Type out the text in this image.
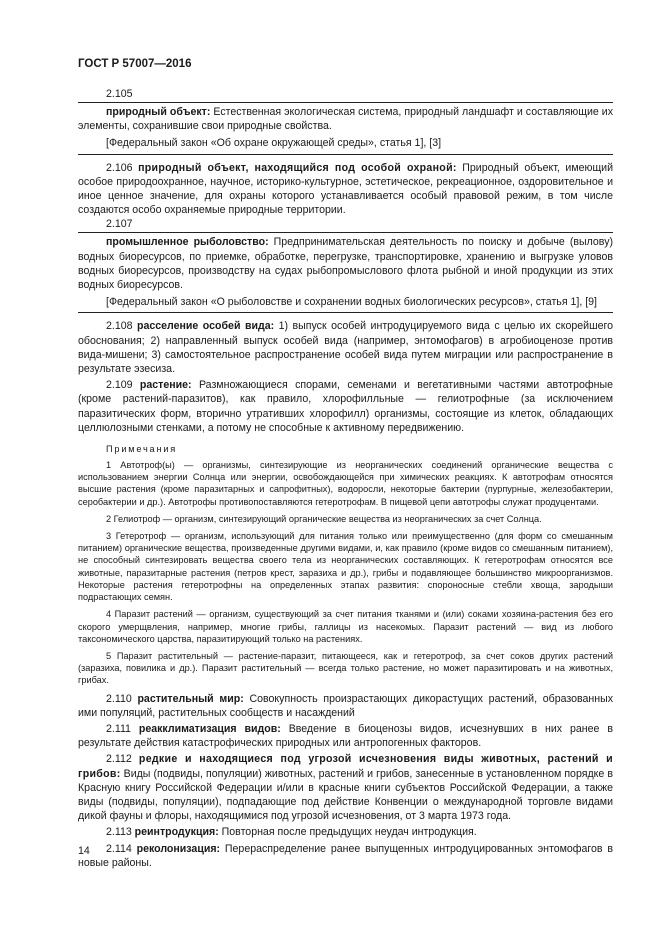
ГОСТ Р 57007—2016
2.105

природный объект: Естественная экологическая система, природный ландшафт и составляющие их элементы, сохранившие свои природные свойства.

[Федеральный закон «Об охране окружающей среды», статья 1], [3]

2.106 природный объект, находящийся под особой охраной: Природный объект, имеющий особое природоохранное, научное, историко-культурное, эстетическое, рекреационное, оздоровительное и иное ценное значение, для охраны которого устанавливается особый правовой режим, в том числе создаются особо охраняемые природные территории.

2.107

промышленное рыболовство: Предпринимательская деятельность по поиску и добыче (вылову) водных биоресурсов, по приемке, обработке, перегрузке, транспортировке, хранению и выгрузке уловов водных биоресурсов, производству на судах рыбопромыслового флота рыбной и иной продукции из этих водных биоресурсов.

[Федеральный закон «О рыболовстве и сохранении водных биологических ресурсов», статья 1], [9]

2.108 расселение особей вида: 1) выпуск особей интродуцируемого вида с целью их скорейшего обоснования; 2) направленный выпуск особей вида (например, энтомофагов) в агробиоценозе против вида-мишени; 3) самостоятельное распространение особей вида путем миграции или распространение в результате эзесиза.

2.109 растение: Размножающиеся спорами, семенами и вегетативными частями автотрофные (кроме растений-паразитов), как правило, хлорофилльные — гелиотрофные (за исключением паразитических форм, вторично утративших хлорофилл) организмы, состоящие из клеток, обладающих целлюлозными стенками, а потому не способные к активному передвижению.

Примечания

1 Автотроф(ы) — организмы, синтезирующие из неорганических соединений органические вещества с использованием энергии Солнца или энергии, освобождающейся при химических реакциях. К автотрофам относятся высшие растения (кроме паразитарных и сапрофитных), водоросли, некоторые бактерии (пурпурные, железобактерии, серобактерии и др.). Автотрофы противопоставляются гетеротрофам. В пищевой цепи автотрофы служат продуцентами.

2 Гелиотроф — организм, синтезирующий органические вещества из неорганических за счет Солнца.

3 Гетеротроф — организм, использующий для питания только или преимущественно (для форм со смешанным питанием) органические вещества, произведенные другими видами, и, как правило (кроме видов со смешанным питанием), не способный синтезировать вещества своего тела из неорганических составляющих. К гетеротрофам относятся все животные, паразитарные растения (петров крест, заразиха и др.), грибы и подавляющее большинство микроорганизмов. Некоторые растения гетеротрофны на определенных этапах развития: спороносные стебли хвоща, зародыши подрастающих семян.

4 Паразит растений — организм, существующий за счет питания тканями и (или) соками хозяина-растения без его скорого умерщвления, например, многие грибы, галлицы из насекомых. Паразит растений — вид из любого таксономического царства, паразитирующий только на растениях.

5 Паразит растительный — растение-паразит, питающееся, как и гетеротроф, за счет соков других растений (заразиха, повилика и др.). Паразит растительный — всегда только растение, но может паразитировать и на животных, грибах.

2.110 растительный мир: Совокупность произрастающих дикорастущих растений, образованных ими популяций, растительных сообществ и насаждений

2.111 реакклиматизация видов: Введение в биоценозы видов, исчезнувших в них ранее в результате действия катастрофических природных или антропогенных факторов.

2.112 редкие и находящиеся под угрозой исчезновения виды животных, растений и грибов: Виды (подвиды, популяции) животных, растений и грибов, занесенные в установленном порядке в Красную книгу Российской Федерации и/или в красные книги субъектов Российской Федерации, а также виды (подвиды, популяции), подпадающие под действие Конвенции о международной торговле видами дикой фауны и флоры, находящимися под угрозой исчезновения, от 3 марта 1973 года.

2.113 реинтродукция: Повторная после предыдущих неудач интродукция.

2.114 реколонизация: Перераспределение ранее выпущенных интродуцированных энтомофагов в новые районы.

14
